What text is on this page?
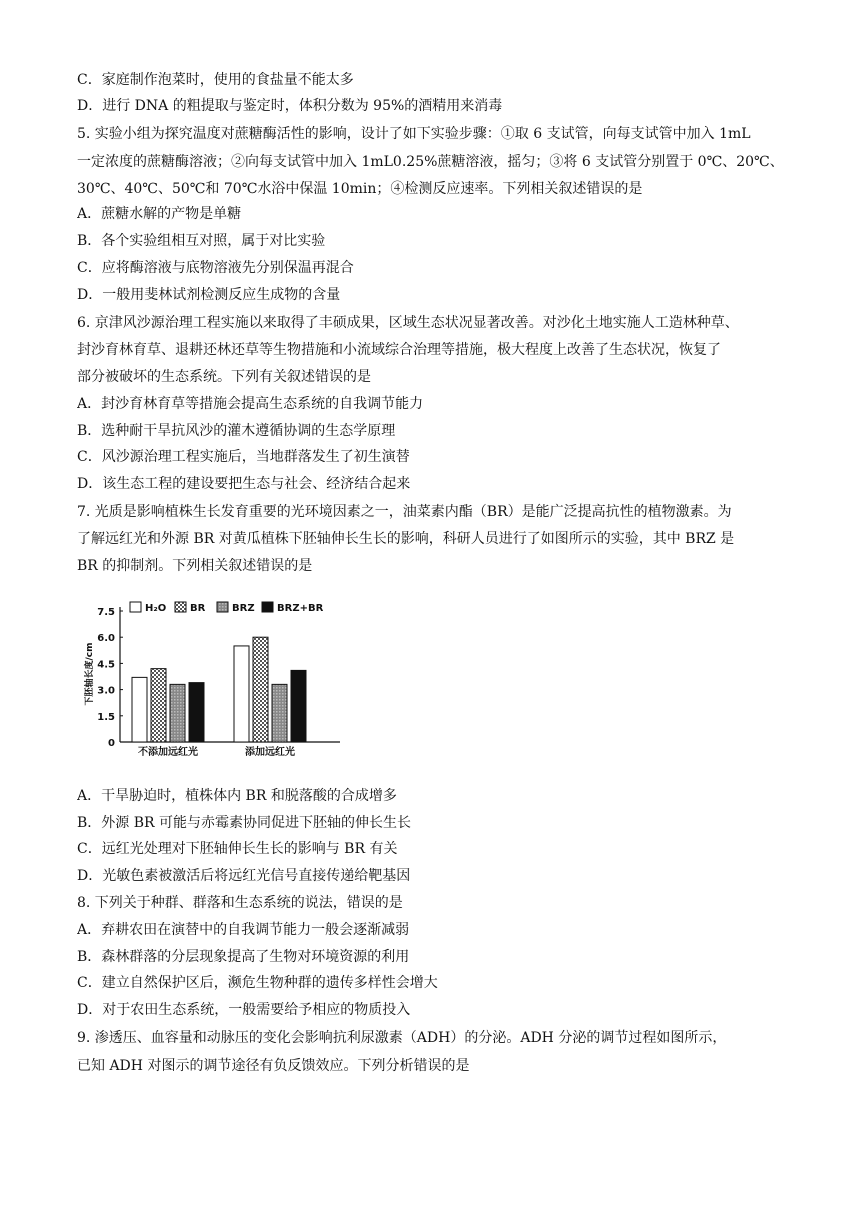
C．家庭制作泡菜时，使用的食盐量不能太多
D．进行 DNA 的粗提取与鉴定时，体积分数为 95%的酒精用来消毒
5. 实验小组为探究温度对蔗糖酶活性的影响，设计了如下实验步骤：①取 6 支试管，向每支试管中加入 1mL
一定浓度的蔗糖酶溶液；②向每支试管中加入 1mL0.25%蔗糖溶液，摇匀；③将 6 支试管分别置于 0℃、20℃、
30℃、40℃、50℃和 70℃水浴中保温 10min；④检测反应速率。下列相关叙述错误的是
A．蔗糖水解的产物是单糖
B．各个实验组相互对照，属于对比实验
C．应将酶溶液与底物溶液先分别保温再混合
D．一般用斐林试剂检测反应生成物的含量
6. 京津风沙源治理工程实施以来取得了丰硕成果，区域生态状况显著改善。对沙化土地实施人工造林种草、
封沙育林育草、退耕还林还草等生物措施和小流域综合治理等措施，极大程度上改善了生态状况，恢复了
部分被破坏的生态系统。下列有关叙述错误的是
A．封沙育林育草等措施会提高生态系统的自我调节能力
B．选种耐干旱抗风沙的灌木遵循协调的生态学原理
C．风沙源治理工程实施后，当地群落发生了初生演替
D．该生态工程的建设要把生态与社会、经济结合起来
7. 光质是影响植株生长发育重要的光环境因素之一，油菜素内酯（BR）是能广泛提高抗性的植物激素。为
了解远红光和外源 BR 对黄瓜植株下胚轴伸长生长的影响，科研人员进行了如图所示的实验，其中 BRZ 是
BR 的抑制剂。下列相关叙述错误的是
A．干旱胁迫时，植株体内 BR 和脱落酸的合成增多
B．外源 BR 可能与赤霉素协同促进下胚轴的伸长生长
C．远红光处理对下胚轴伸长生长的影响与 BR 有关
D．光敏色素被激活后将远红光信号直接传递给靶基因
8. 下列关于种群、群落和生态系统的说法，错误的是
A．弃耕农田在演替中的自我调节能力一般会逐渐减弱
B．森林群落的分层现象提高了生物对环境资源的利用
C．建立自然保护区后，濒危生物种群的遗传多样性会增大
D．对于农田生态系统，一般需要给予相应的物质投入
9. 渗透压、血容量和动脉压的变化会影响抗利尿激素（ADH）的分泌。ADH 分泌的调节过程如图所示，
已知 ADH 对图示的调节途径有负反馈效应。下列分析错误的是
7.5
6.0
4.5
3.0
1.5
0
下胚轴长度/cm
不添加远红光	添加远红光
H₂O BR	BRZ BRZ+BR
